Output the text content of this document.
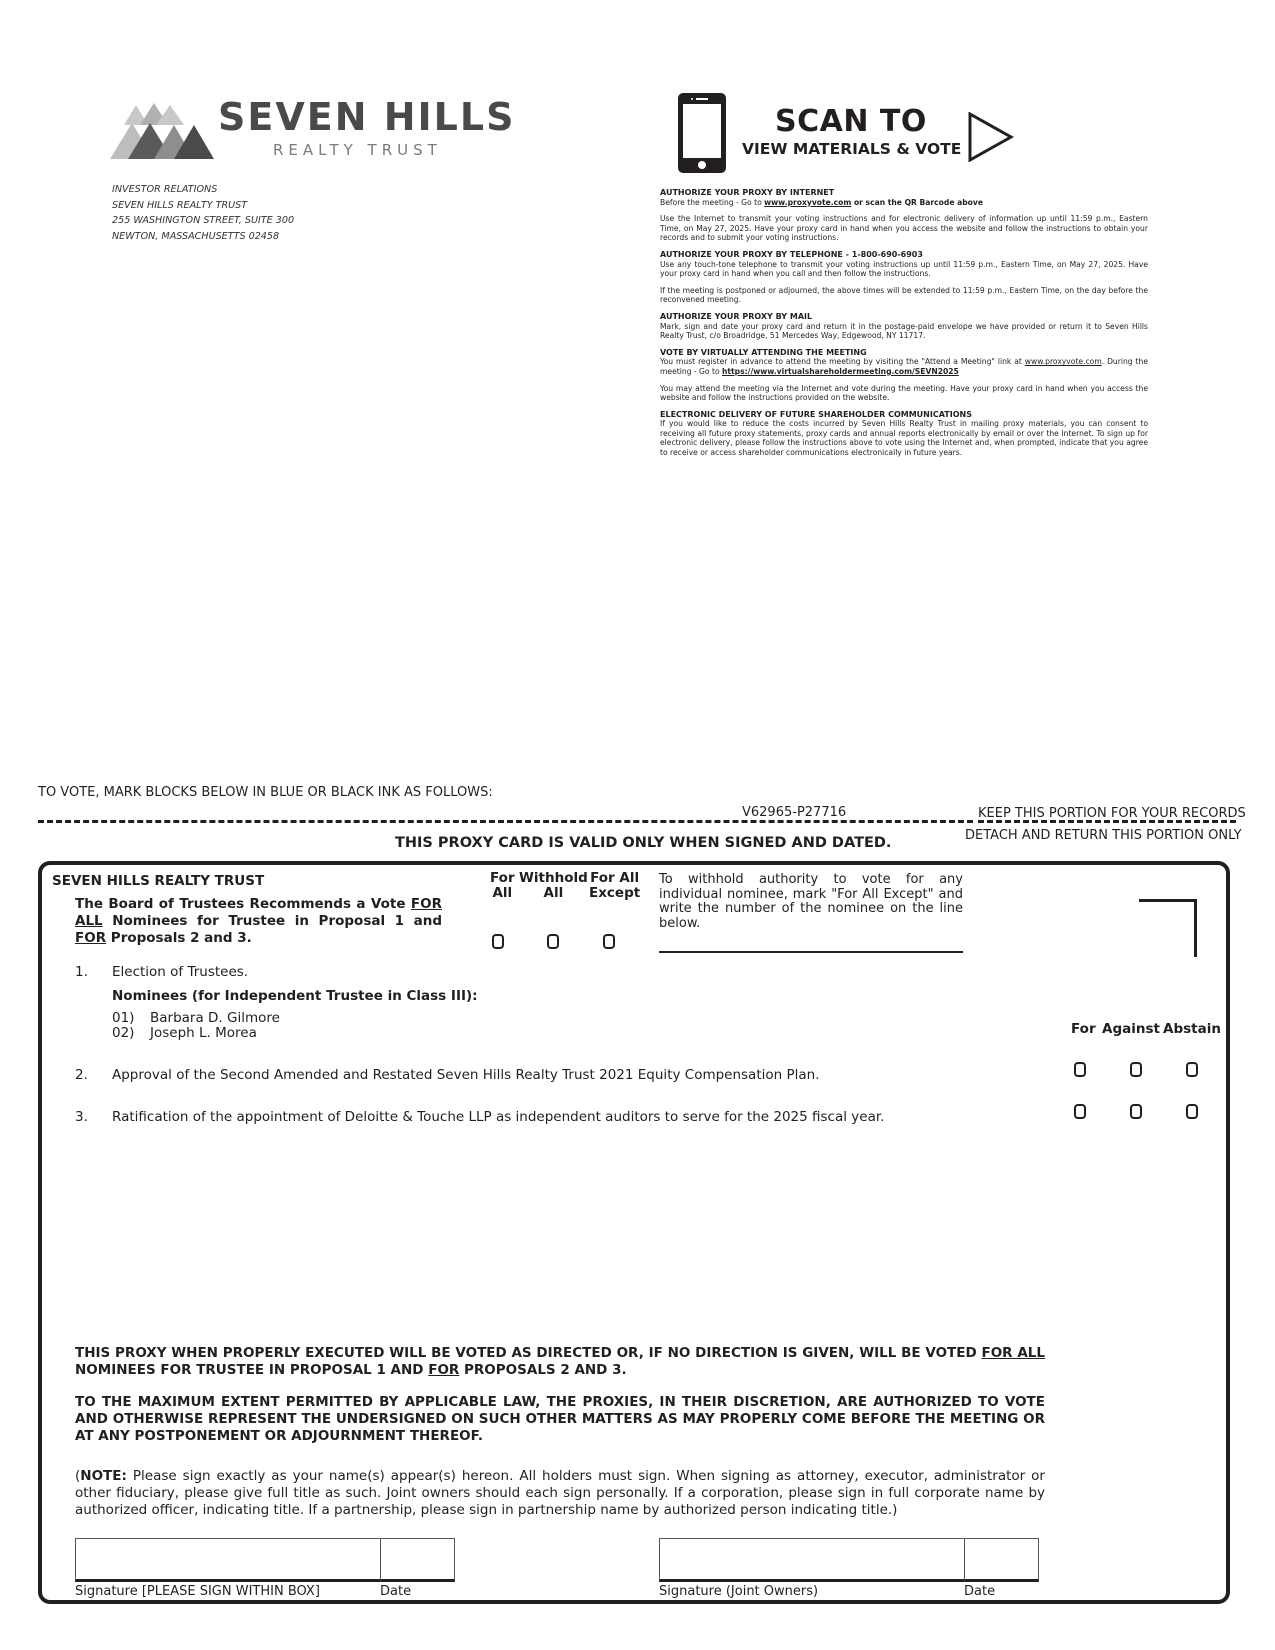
SEVEN HILLS
REALTY TRUST
INVESTOR RELATIONS
SEVEN HILLS REALTY TRUST
255 WASHINGTON STREET, SUITE 300
NEWTON, MASSACHUSETTS 02458
SCAN TO
VIEW MATERIALS & VOTE
AUTHORIZE YOUR PROXY BY INTERNET
Before the meeting - Go to www.proxyvote.com or scan the QR Barcode above

Use the Internet to transmit your voting instructions and for electronic delivery of information up until 11:59 p.m., Eastern Time, on May 27, 2025. Have your proxy card in hand when you access the website and follow the instructions to obtain your records and to submit your voting instructions.

AUTHORIZE YOUR PROXY BY TELEPHONE - 1-800-690-6903

Use any touch-tone telephone to transmit your voting instructions up until 11:59 p.m., Eastern Time, on May 27, 2025. Have your proxy card in hand when you call and then follow the instructions.

If the meeting is postponed or adjourned, the above times will be extended to 11:59 p.m., Eastern Time, on the day before the reconvened meeting.

AUTHORIZE YOUR PROXY BY MAIL

Mark, sign and date your proxy card and return it in the postage-paid envelope we have provided or return it to Seven Hills Realty Trust, c/o Broadridge, 51 Mercedes Way, Edgewood, NY 11717.

VOTE BY VIRTUALLY ATTENDING THE MEETING

You must register in advance to attend the meeting by visiting the "Attend a Meeting" link at www.proxyvote.com. During the meeting - Go to https://www.virtualshareholdermeeting.com/SEVN2025

You may attend the meeting via the Internet and vote during the meeting. Have your proxy card in hand when you access the website and follow the instructions provided on the website.

ELECTRONIC DELIVERY OF FUTURE SHAREHOLDER COMMUNICATIONS

If you would like to reduce the costs incurred by Seven Hills Realty Trust in mailing proxy materials, you can consent to receiving all future proxy statements, proxy cards and annual reports electronically by email or over the Internet. To sign up for electronic delivery, please follow the instructions above to vote using the Internet and, when prompted, indicate that you agree to receive or access shareholder communications electronically in future years.

TO VOTE, MARK BLOCKS BELOW IN BLUE OR BLACK INK AS FOLLOWS:
V62965-P27716	KEEP THIS PORTION FOR YOUR RECORDS
DETACH AND RETURN THIS PORTION ONLY
THIS PROXY CARD IS VALID ONLY WHEN SIGNED AND DATED.
SEVEN HILLS REALTY TRUST
The Board of Trustees Recommends a Vote FOR ALL Nominees for Trustee in Proposal 1 and FOR Proposals 2 and 3.
For
All
Withhold
All
For All
Except
To withhold authority to vote for any individual nominee, mark "For All Except" and write the number of the nominee on the line below.
1. Election of Trustees.
Nominees (for Independent Trustee in Class III):
01) Barbara D. Gilmore
02) Joseph L. Morea	For Against Abstain
2. Approval of the Second Amended and Restated Seven Hills Realty Trust 2021 Equity Compensation Plan.
3. Ratification of the appointment of Deloitte & Touche LLP as independent auditors to serve for the 2025 fiscal year.
THIS PROXY WHEN PROPERLY EXECUTED WILL BE VOTED AS DIRECTED OR, IF NO DIRECTION IS GIVEN, WILL BE VOTED FOR ALL NOMINEES FOR TRUSTEE IN PROPOSAL 1 AND FOR PROPOSALS 2 AND 3.
TO THE MAXIMUM EXTENT PERMITTED BY APPLICABLE LAW, THE PROXIES, IN THEIR DISCRETION, ARE AUTHORIZED TO VOTE AND OTHERWISE REPRESENT THE UNDERSIGNED ON SUCH OTHER MATTERS AS MAY PROPERLY COME BEFORE THE MEETING OR AT ANY POSTPONEMENT OR ADJOURNMENT THEREOF.
(NOTE: Please sign exactly as your name(s) appear(s) hereon. All holders must sign. When signing as attorney, executor, administrator or other fiduciary, please give full title as such. Joint owners should each sign personally. If a corporation, please sign in full corporate name by authorized officer, indicating title. If a partnership, please sign in partnership name by authorized person indicating title.)
Signature [PLEASE SIGN WITHIN BOX]	Date	Signature (Joint Owners)	Date
